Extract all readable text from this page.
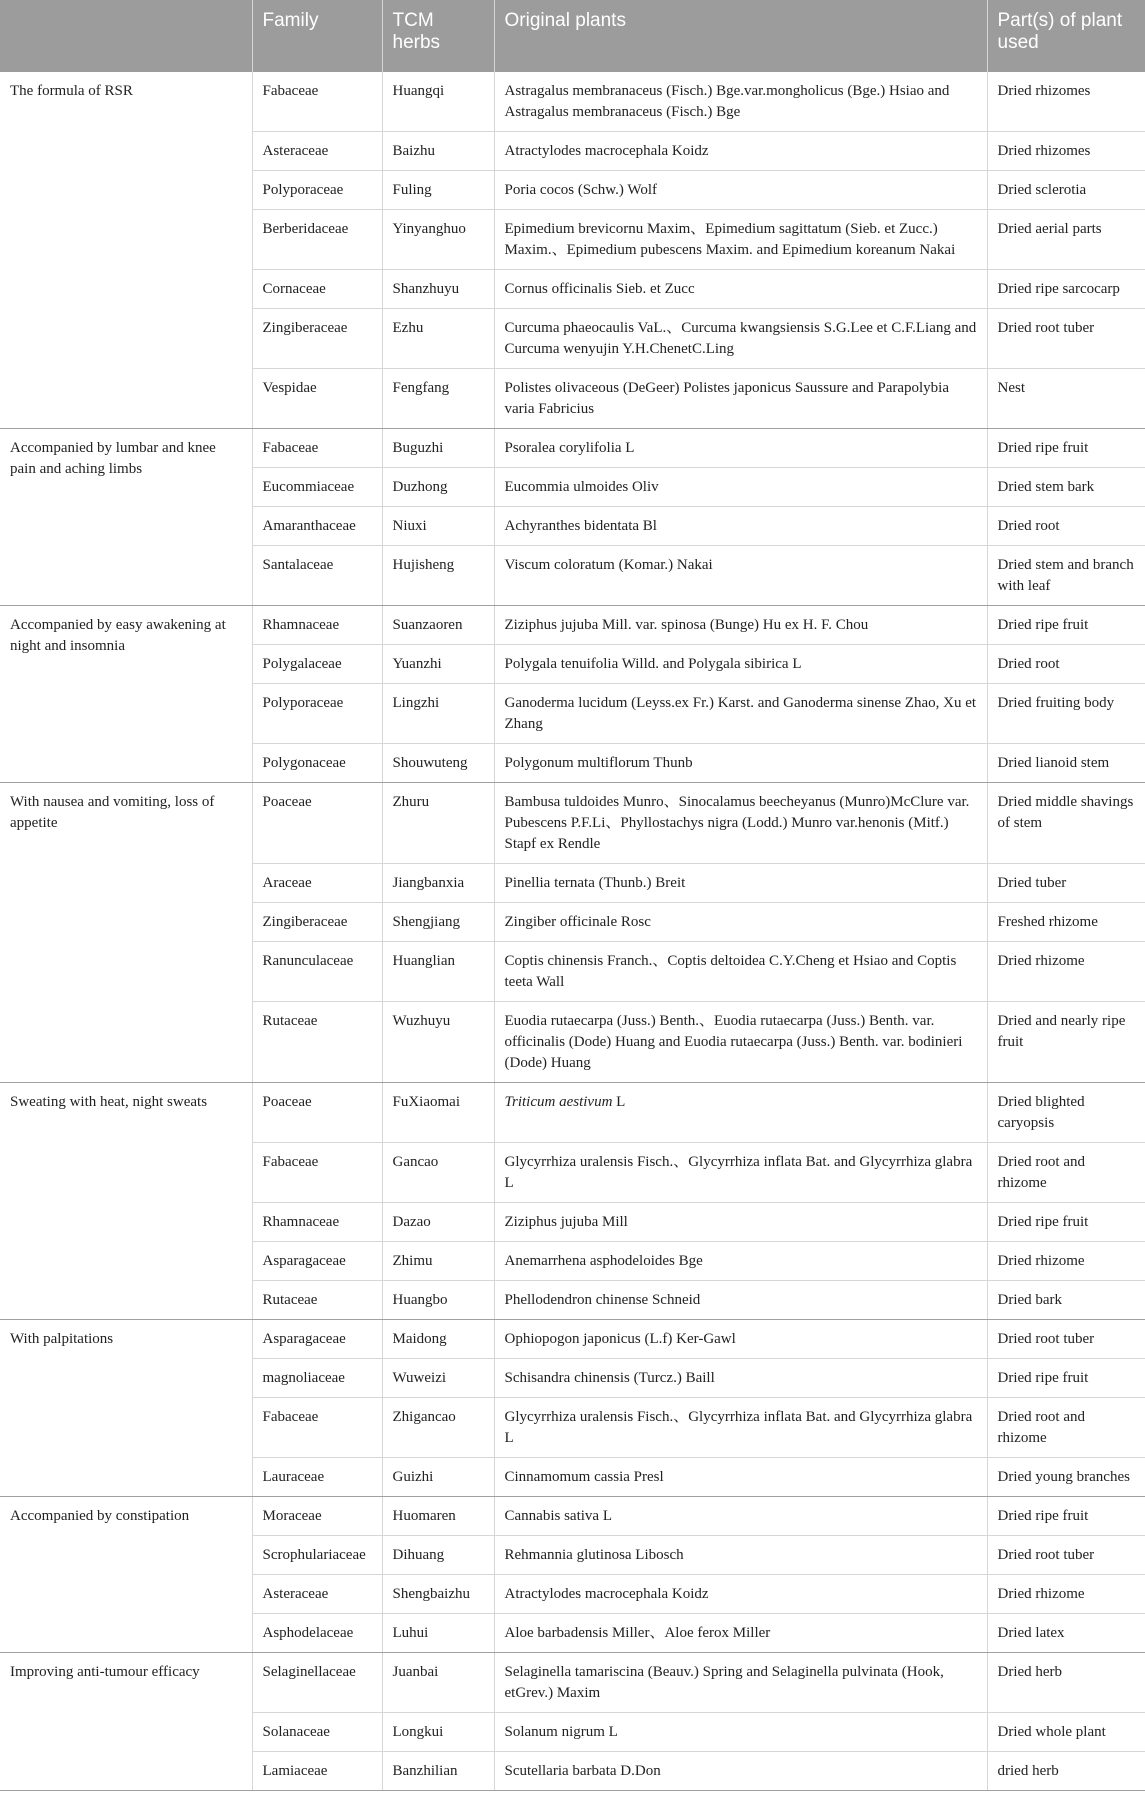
	Family	TCM herbs	Original plants	Part(s) of plant used
The formula of RSR	Fabaceae	Huangqi	Astragalus membranaceus (Fisch.) Bge.var.mongholicus (Bge.) Hsiao and Astragalus membranaceus (Fisch.) Bge	Dried rhizomes
	Asteraceae	Baizhu	Atractylodes macrocephala Koidz	Dried rhizomes
	Polyporaceae	Fuling	Poria cocos (Schw.) Wolf	Dried sclerotia
	Berberidaceae	Yinyanghuo	Epimedium brevicornu Maxim、Epimedium sagittatum (Sieb. et Zucc.) Maxim.、Epimedium pubescens Maxim. and Epimedium koreanum Nakai	Dried aerial parts
	Cornaceae	Shanzhuyu	Cornus officinalis Sieb. et Zucc	Dried ripe sarcocarp
	Zingiberaceae	Ezhu	Curcuma phaeocaulis VaL.、Curcuma kwangsiensis S.G.Lee et C.F.Liang and Curcuma wenyujin Y.H.ChenetC.Ling	Dried root tuber
	Vespidae	Fengfang	Polistes olivaceous (DeGeer) Polistes japonicus Saussure and Parapolybia varia Fabricius	Nest
Accompanied by lumbar and knee pain and aching limbs	Fabaceae	Buguzhi	Psoralea corylifolia L	Dried ripe fruit
	Eucommiaceae	Duzhong	Eucommia ulmoides Oliv	Dried stem bark
	Amaranthaceae	Niuxi	Achyranthes bidentata Bl	Dried root
	Santalaceae	Hujisheng	Viscum coloratum (Komar.) Nakai	Dried stem and branch with leaf
Accompanied by easy awakening at night and insomnia	Rhamnaceae	Suanzaoren	Ziziphus jujuba Mill. var. spinosa (Bunge) Hu ex H. F. Chou	Dried ripe fruit
	Polygalaceae	Yuanzhi	Polygala tenuifolia Willd. and Polygala sibirica L	Dried root
	Polyporaceae	Lingzhi	Ganoderma lucidum (Leyss.ex Fr.) Karst. and Ganoderma sinense Zhao, Xu et Zhang	Dried fruiting body
	Polygonaceae	Shouwuteng	Polygonum multiflorum Thunb	Dried lianoid stem
With nausea and vomiting, loss of appetite	Poaceae	Zhuru	Bambusa tuldoides Munro、Sinocalamus beecheyanus (Munro)McClure var. Pubescens P.F.Li、Phyllostachys nigra (Lodd.) Munro var.henonis (Mitf.) Stapf ex Rendle	Dried middle shavings of stem
	Araceae	Jiangbanxia	Pinellia ternata (Thunb.) Breit	Dried tuber
	Zingiberaceae	Shengjiang	Zingiber officinale Rosc	Freshed rhizome
	Ranunculaceae	Huanglian	Coptis chinensis Franch.、Coptis deltoidea C.Y.Cheng et Hsiao and Coptis teeta Wall	Dried rhizome
	Rutaceae	Wuzhuyu	Euodia rutaecarpa (Juss.) Benth.、Euodia rutaecarpa (Juss.) Benth. var. officinalis (Dode) Huang and Euodia rutaecarpa (Juss.) Benth. var. bodinieri (Dode) Huang	Dried and nearly ripe fruit
Sweating with heat, night sweats	Poaceae	FuXiaomai	Triticum aestivum L	Dried blighted caryopsis
	Fabaceae	Gancao	Glycyrrhiza uralensis Fisch.、Glycyrrhiza inflata Bat. and Glycyrrhiza glabra L	Dried root and rhizome
	Rhamnaceae	Dazao	Ziziphus jujuba Mill	Dried ripe fruit
	Asparagaceae	Zhimu	Anemarrhena asphodeloides Bge	Dried rhizome
	Rutaceae	Huangbo	Phellodendron chinense Schneid	Dried bark
With palpitations	Asparagaceae	Maidong	Ophiopogon japonicus (L.f) Ker-Gawl	Dried root tuber
	magnoliaceae	Wuweizi	Schisandra chinensis (Turcz.) Baill	Dried ripe fruit
	Fabaceae	Zhigancao	Glycyrrhiza uralensis Fisch.、Glycyrrhiza inflata Bat. and Glycyrrhiza glabra L	Dried root and rhizome
	Lauraceae	Guizhi	Cinnamomum cassia Presl	Dried young branches
Accompanied by constipation	Moraceae	Huomaren	Cannabis sativa L	Dried ripe fruit
	Scrophulariaceae	Dihuang	Rehmannia glutinosa Libosch	Dried root tuber
	Asteraceae	Shengbaizhu	Atractylodes macrocephala Koidz	Dried rhizome
	Asphodelaceae	Luhui	Aloe barbadensis Miller、Aloe ferox Miller	Dried latex
Improving anti-tumour efficacy	Selaginellaceae	Juanbai	Selaginella tamariscina (Beauv.) Spring and Selaginella pulvinata (Hook, etGrev.) Maxim	Dried herb
	Solanaceae	Longkui	Solanum nigrum L	Dried whole plant
	Lamiaceae	Banzhilian	Scutellaria barbata D.Don	dried herb
